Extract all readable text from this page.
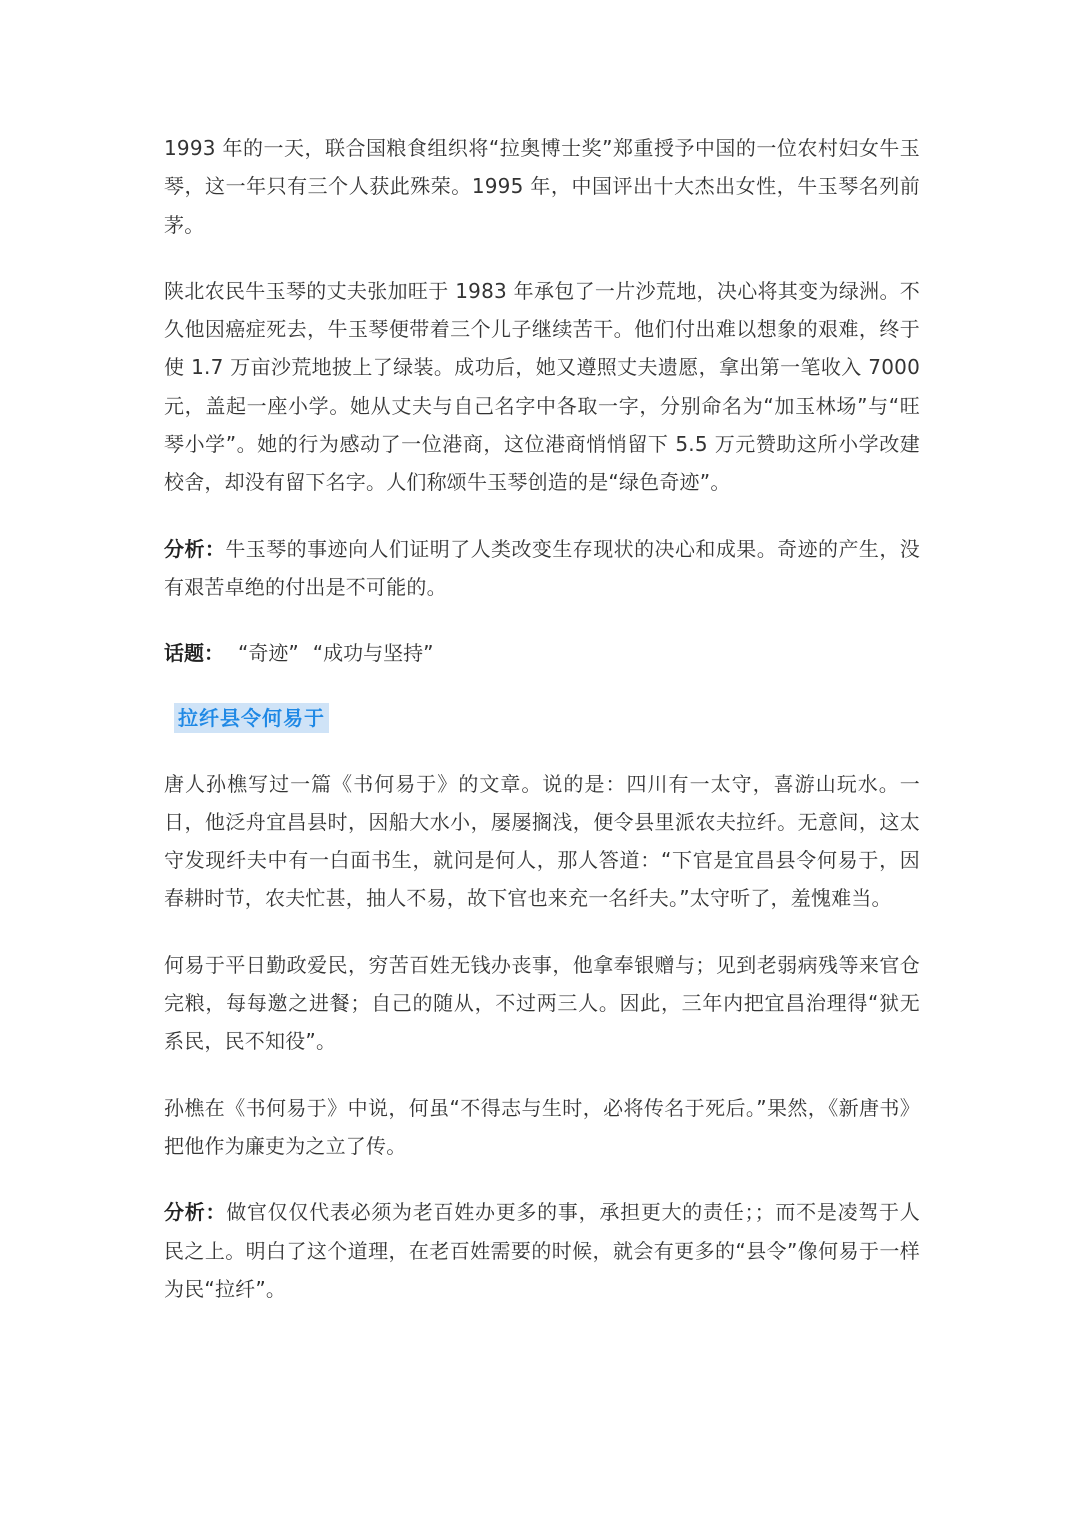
1993 年的一天，联合国粮食组织将“拉奥博士奖”郑重授予中国的一位农村妇女牛玉琴，这一年只有三个人获此殊荣。1995 年，中国评出十大杰出女性，牛玉琴名列前茅。

陕北农民牛玉琴的丈夫张加旺于 1983 年承包了一片沙荒地，决心将其变为绿洲。不久他因癌症死去，牛玉琴便带着三个儿子继续苦干。他们付出难以想象的艰难，终于使 1.7 万亩沙荒地披上了绿装。成功后，她又遵照丈夫遗愿，拿出第一笔收入 7000 元，盖起一座小学。她从丈夫与自己名字中各取一字，分别命名为“加玉林场”与“旺琴小学”。她的行为感动了一位港商，这位港商悄悄留下 5.5 万元赞助这所小学改建校舍，却没有留下名字。人们称颂牛玉琴创造的是“绿色奇迹”。

分析：牛玉琴的事迹向人们证明了人类改变生存现状的决心和成果。奇迹的产生，没有艰苦卓绝的付出是不可能的。

话题： “奇迹” “成功与坚持”
拉纤县令何易于

唐人孙樵写过一篇《书何易于》的文章。说的是：四川有一太守，喜游山玩水。一日，他泛舟宜昌县时，因船大水小，屡屡搁浅，便令县里派农夫拉纤。无意间，这太守发现纤夫中有一白面书生，就问是何人，那人答道：“下官是宜昌县令何易于，因春耕时节，农夫忙甚，抽人不易，故下官也来充一名纤夫。”太守听了，羞愧难当。

何易于平日勤政爱民，穷苦百姓无钱办丧事，他拿奉银赠与；见到老弱病残等来官仓完粮，每每邀之进餐；自己的随从，不过两三人。因此，三年内把宜昌治理得“狱无系民，民不知役”。

孙樵在《书何易于》中说，何虽“不得志与生时，必将传名于死后。”果然，《新唐书》把他作为廉吏为之立了传。

分析：做官仅仅代表必须为老百姓办更多的事，承担更大的责任；；而不是凌驾于人民之上。明白了这个道理，在老百姓需要的时候，就会有更多的“县令”像何易于一样为民“拉纤”。
